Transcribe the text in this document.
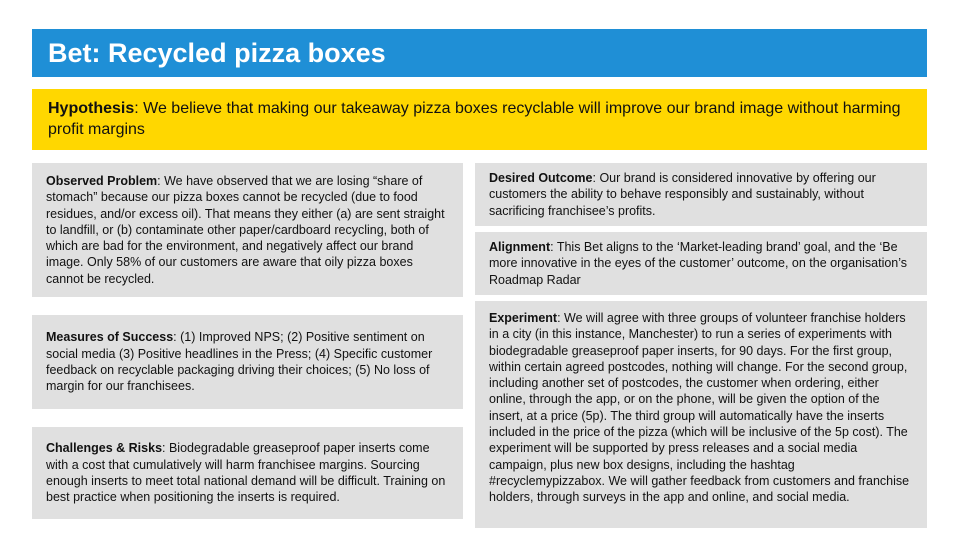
Bet: Recycled pizza boxes
Hypothesis: We believe that making our takeaway pizza boxes recyclable will improve our brand image without harming profit margins
Observed Problem: We have observed that we are losing “share of stomach” because our pizza boxes cannot be recycled (due to food residues, and/or excess oil). That means they either (a) are sent straight to landfill, or (b) contaminate other paper/cardboard recycling, both of which are bad for the environment, and negatively affect our brand image. Only 58% of our customers are aware that oily pizza boxes cannot be recycled.
Measures of Success: (1) Improved NPS; (2) Positive sentiment on social media (3) Positive headlines in the Press; (4) Specific customer feedback on recyclable packaging driving their choices; (5) No loss of margin for our franchisees.
Challenges & Risks: Biodegradable greaseproof paper inserts come with a cost that cumulatively will harm franchisee margins. Sourcing enough inserts to meet total national demand will be difficult. Training on best practice when positioning the inserts is required.
Desired Outcome: Our brand is considered innovative by offering our customers the ability to behave responsibly and sustainably, without sacrificing franchisee’s profits.
Alignment: This Bet aligns to the ‘Market-leading brand’ goal, and the ‘Be more innovative in the eyes of the customer’ outcome, on the organisation’s Roadmap Radar
Experiment: We will agree with three groups of volunteer franchise holders in a city (in this instance, Manchester) to run a series of experiments with biodegradable greaseproof paper inserts, for 90 days. For the first group, within certain agreed postcodes, nothing will change. For the second group, including another set of postcodes, the customer when ordering, either online, through the app, or on the phone, will be given the option of the insert, at a price (5p). The third group will automatically have the inserts included in the price of the pizza (which will be inclusive of the 5p cost). The experiment will be supported by press releases and a social media campaign, plus new box designs, including the hashtag #recyclemypizzabox. We will gather feedback from customers and franchise holders, through surveys in the app and online, and social media.
